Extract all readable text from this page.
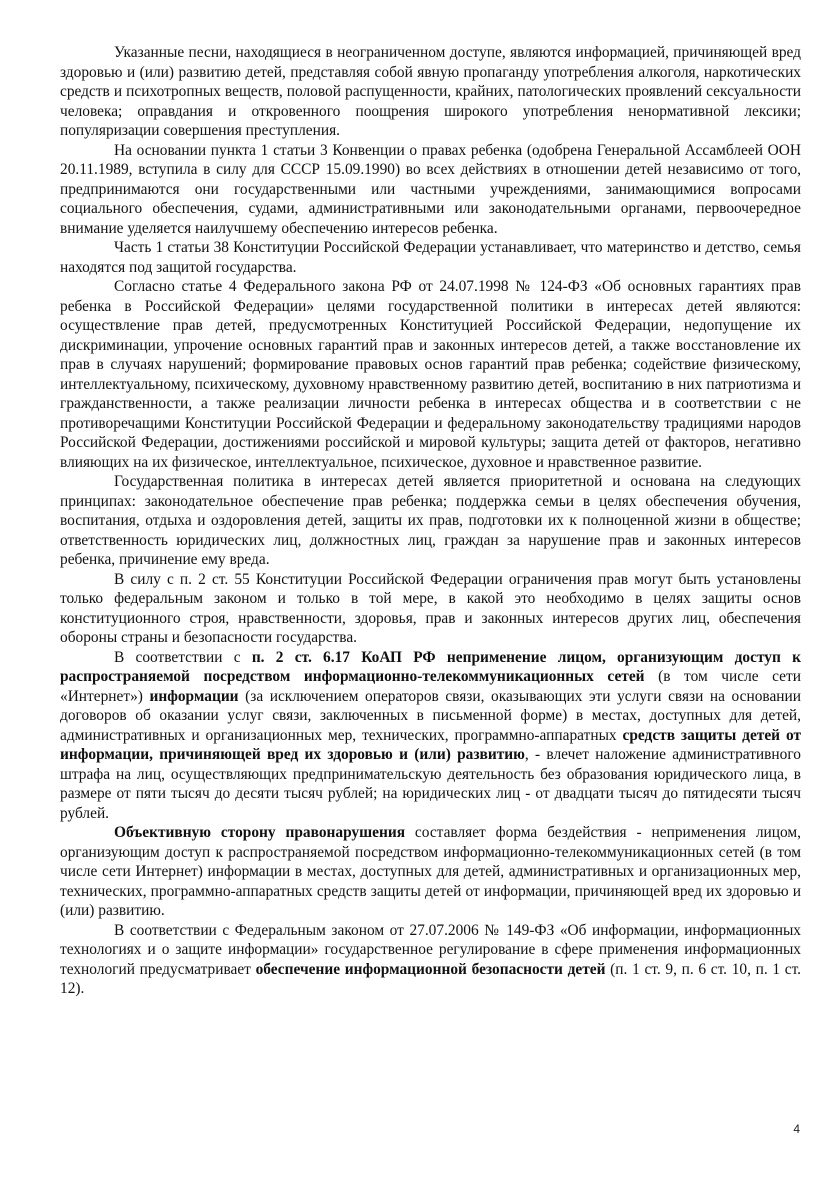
Указанные песни, находящиеся в неограниченном доступе, являются информацией, причиняющей вред здоровью и (или) развитию детей, представляя собой явную пропаганду употребления алкоголя, наркотических средств и психотропных веществ, половой распущенности, крайних, патологических проявлений сексуальности человека; оправдания и откровенного поощрения широкого употребления ненормативной лексики; популяризации совершения преступления.

На основании пункта 1 статьи 3 Конвенции о правах ребенка (одобрена Генеральной Ассамблеей ООН 20.11.1989, вступила в силу для СССР 15.09.1990) во всех действиях в отношении детей независимо от того, предпринимаются они государственными или частными учреждениями, занимающимися вопросами социального обеспечения, судами, административными или законодательными органами, первоочередное внимание уделяется наилучшему обеспечению интересов ребенка.

Часть 1 статьи 38 Конституции Российской Федерации устанавливает, что материнство и детство, семья находятся под защитой государства.

Согласно статье 4 Федерального закона РФ от 24.07.1998 № 124-ФЗ «Об основных гарантиях прав ребенка в Российской Федерации» целями государственной политики в интересах детей являются: осуществление прав детей, предусмотренных Конституцией Российской Федерации, недопущение их дискриминации, упрочение основных гарантий прав и законных интересов детей, а также восстановление их прав в случаях нарушений; формирование правовых основ гарантий прав ребенка; содействие физическому, интеллектуальному, психическому, духовному нравственному развитию детей, воспитанию в них патриотизма и гражданственности, а также реализации личности ребенка в интересах общества и в соответствии с не противоречащими Конституции Российской Федерации и федеральному законодательству традициями народов Российской Федерации, достижениями российской и мировой культуры; защита детей от факторов, негативно влияющих на их физическое, интеллектуальное, психическое, духовное и нравственное развитие.

Государственная политика в интересах детей является приоритетной и основана на следующих принципах: законодательное обеспечение прав ребенка; поддержка семьи в целях обеспечения обучения, воспитания, отдыха и оздоровления детей, защиты их прав, подготовки их к полноценной жизни в обществе; ответственность юридических лиц, должностных лиц, граждан за нарушение прав и законных интересов ребенка, причинение ему вреда.

В силу с п. 2 ст. 55 Конституции Российской Федерации ограничения прав могут быть установлены только федеральным законом и только в той мере, в какой это необходимо в целях защиты основ конституционного строя, нравственности, здоровья, прав и законных интересов других лиц, обеспечения обороны страны и безопасности государства.

В соответствии с п. 2 ст. 6.17 КоАП РФ неприменение лицом, организующим доступ к распространяемой посредством информационно-телекоммуникационных сетей (в том числе сети «Интернет») информации (за исключением операторов связи, оказывающих эти услуги связи на основании договоров об оказании услуг связи, заключенных в письменной форме) в местах, доступных для детей, административных и организационных мер, технических, программно-аппаратных средств защиты детей от информации, причиняющей вред их здоровью и (или) развитию, - влечет наложение административного штрафа на лиц, осуществляющих предпринимательскую деятельность без образования юридического лица, в размере от пяти тысяч до десяти тысяч рублей; на юридических лиц - от двадцати тысяч до пятидесяти тысяч рублей.

Объективную сторону правонарушения составляет форма бездействия - неприменения лицом, организующим доступ к распространяемой посредством информационно-телекоммуникационных сетей (в том числе сети Интернет) информации в местах, доступных для детей, административных и организационных мер, технических, программно-аппаратных средств защиты детей от информации, причиняющей вред их здоровью и (или) развитию.

В соответствии с Федеральным законом от 27.07.2006 № 149-ФЗ «Об информации, информационных технологиях и о защите информации» государственное регулирование в сфере применения информационных технологий предусматривает обеспечение информационной безопасности детей (п. 1 ст. 9, п. 6 ст. 10, п. 1 ст. 12).

4
